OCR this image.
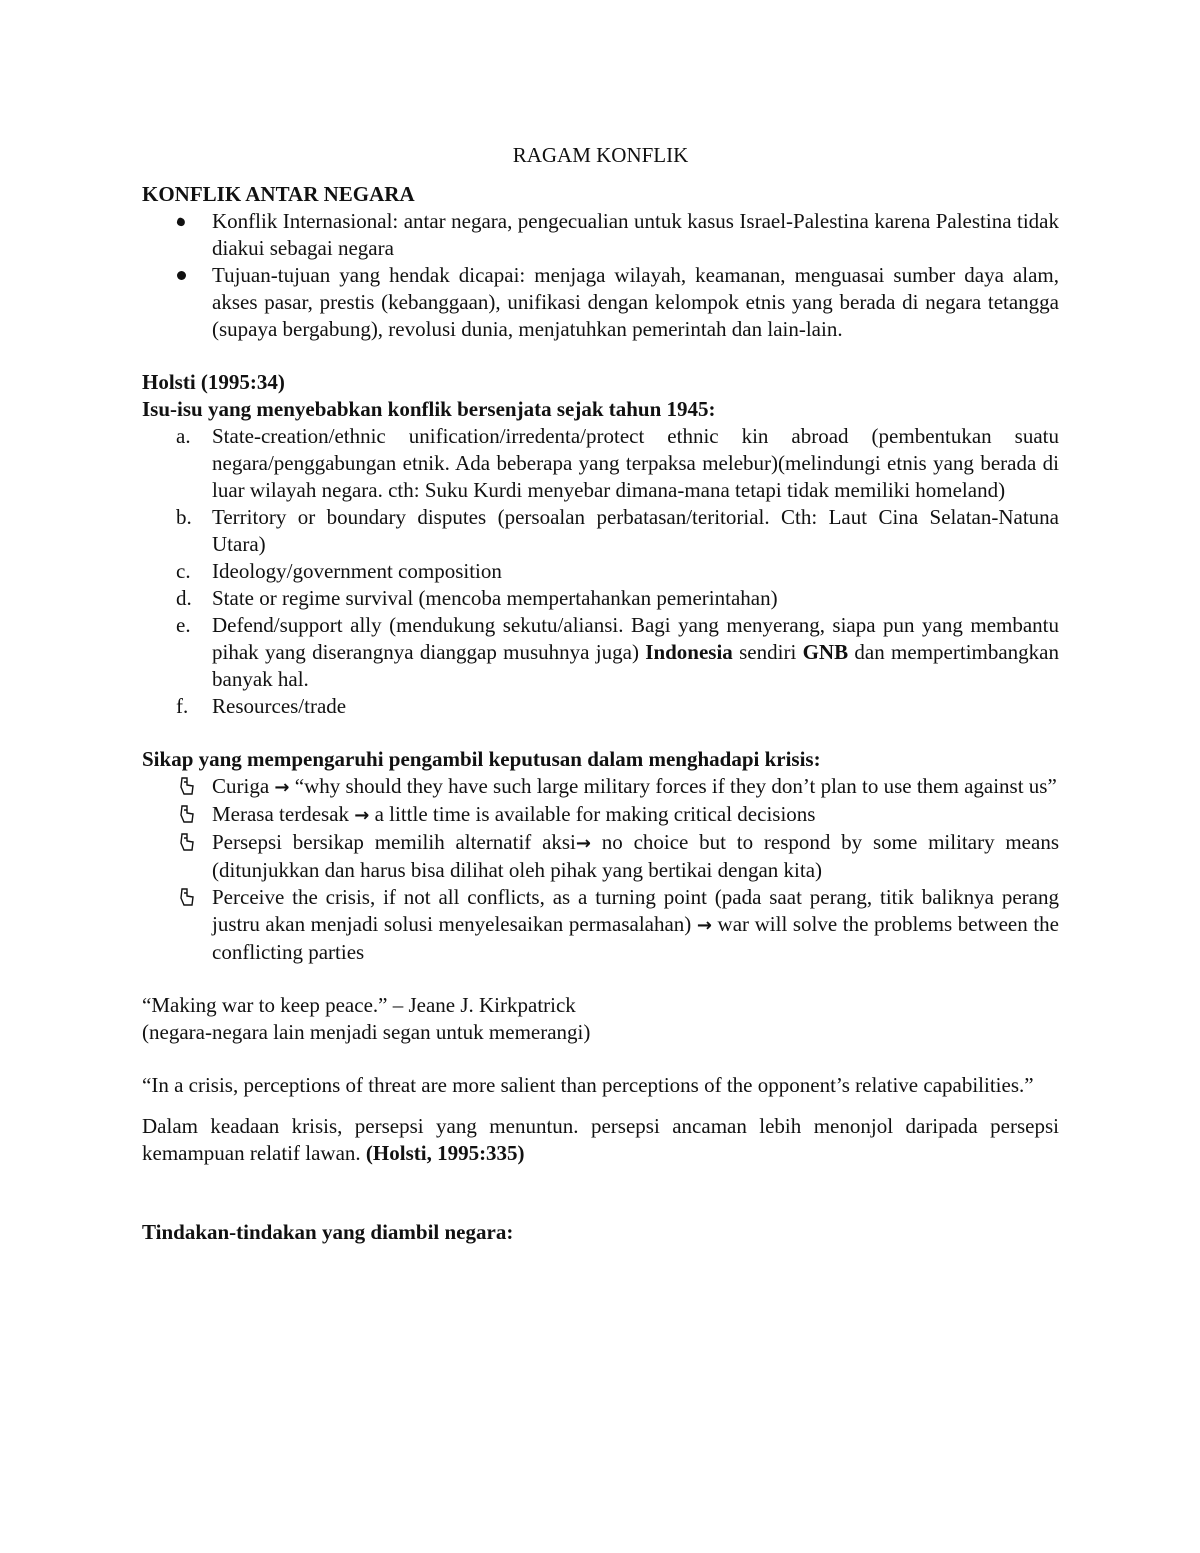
RAGAM KONFLIK

KONFLIK ANTAR NEGARA

Konflik Internasional: antar negara, pengecualian untuk kasus Israel-Palestina karena Palestina tidak diakui sebagai negara
Tujuan-tujuan yang hendak dicapai: menjaga wilayah, keamanan, menguasai sumber daya alam, akses pasar, prestis (kebanggaan), unifikasi dengan kelompok etnis yang berada di negara tetangga (supaya bergabung), revolusi dunia, menjatuhkan pemerintah dan lain-lain.

Holsti (1995:34)

Isu-isu yang menyebabkan konflik bersenjata sejak tahun 1945:

a.	State-creation/ethnic unification/irredenta/protect ethnic kin abroad (pembentukan suatu negara/penggabungan etnik. Ada beberapa yang terpaksa melebur)(melindungi etnis yang berada di luar wilayah negara. cth: Suku Kurdi menyebar dimana-mana tetapi tidak memiliki homeland)
b. Territory or boundary disputes (persoalan perbatasan/teritorial. Cth: Laut Cina Selatan-Natuna Utara)
c.	Ideology/government composition
d. State or regime survival (mencoba mempertahankan pemerintahan)
e.	Defend/support ally (mendukung sekutu/aliansi. Bagi yang menyerang, siapa pun yang membantu pihak yang diserangnya dianggap musuhnya juga) Indonesia sendiri GNB dan mempertimbangkan banyak hal.
f.	Resources/trade

Sikap yang mempengaruhi pengambil keputusan dalam menghadapi krisis:

Curiga → “why should they have such large military forces if they don’t plan to use them against us”
Merasa terdesak → a little time is available for making critical decisions
Persepsi bersikap memilih alternatif aksi→ no choice but to respond by some military means (ditunjukkan dan harus bisa dilihat oleh pihak yang bertikai dengan kita)
Perceive the crisis, if not all conflicts, as a turning point (pada saat perang, titik baliknya perang justru akan menjadi solusi menyelesaikan permasalahan) → war will solve the problems between the conflicting parties

“Making war to keep peace.” – Jeane J. Kirkpatrick

(negara-negara lain menjadi segan untuk memerangi)

“In a crisis, perceptions of threat are more salient than perceptions of the opponent’s relative capabilities.”

Dalam keadaan krisis, persepsi yang menuntun. persepsi ancaman lebih menonjol daripada persepsi kemampuan relatif lawan. (Holsti, 1995:335)

Tindakan-tindakan yang diambil negara:
